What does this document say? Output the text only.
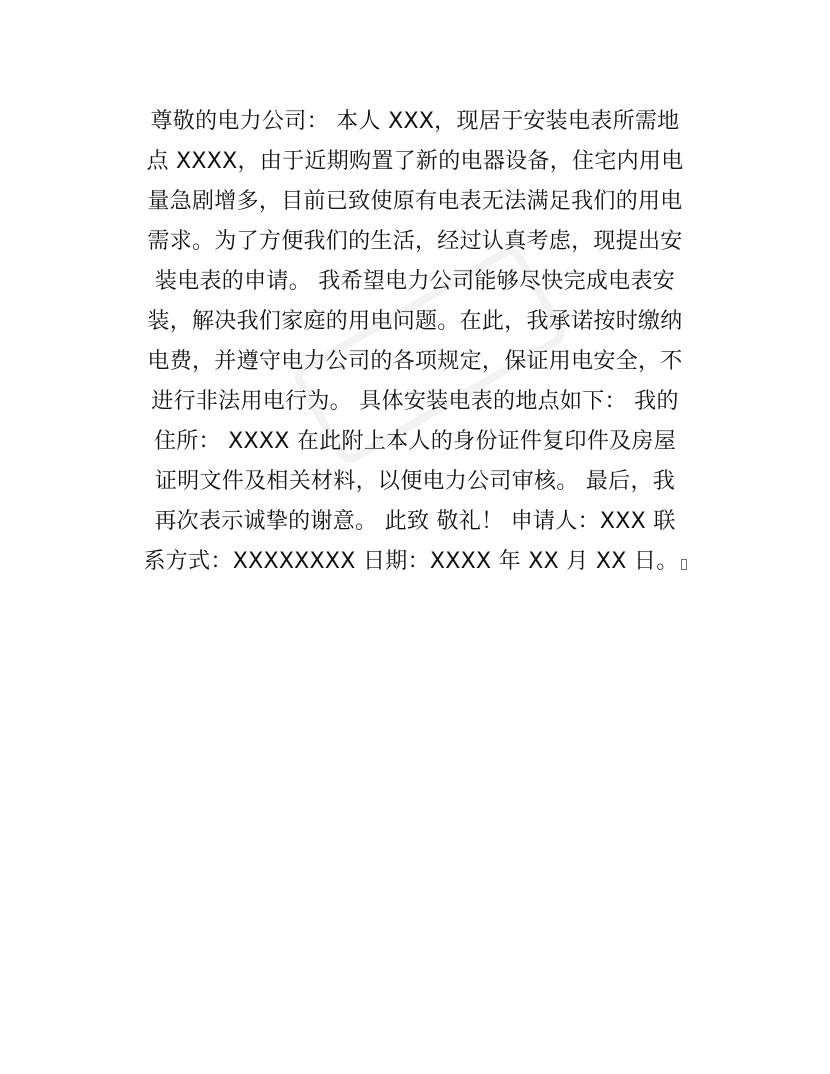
尊敬的电力公司： 本人 XXX，现居于安装电表所需地
点 XXXX，由于近期购置了新的电器设备，住宅内用电
量急剧增多，目前已致使原有电表无法满足我们的用电
需求。为了方便我们的生活，经过认真考虑，现提出安
装电表的申请。 我希望电力公司能够尽快完成电表安
装，解决我们家庭的用电问题。在此，我承诺按时缴纳
电费，并遵守电力公司的各项规定，保证用电安全，不
进行非法用电行为。 具体安装电表的地点如下： 我的
住所： XXXX 在此附上本人的身份证件复印件及房屋
证明文件及相关材料，以便电力公司审核。 最后，我
再次表示诚挚的谢意。 此致 敬礼！ 申请人：XXX 联
系方式：XXXXXXXX 日期：XXXX 年 XX 月 XX 日。
